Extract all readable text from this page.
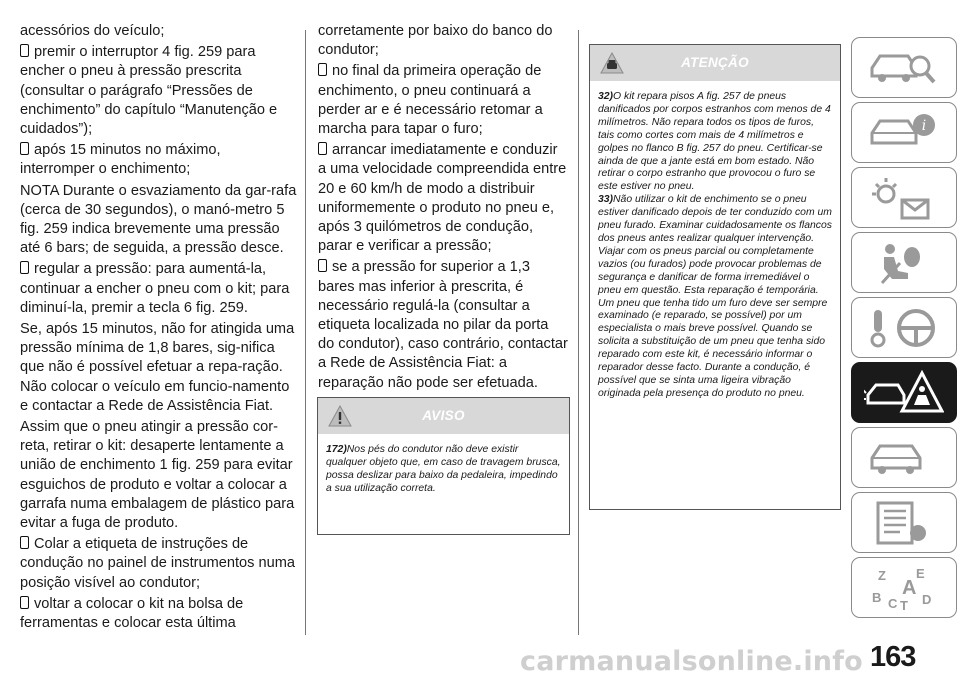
acessórios do veículo;

premir o interruptor 4 fig. 259 para encher o pneu à pressão prescrita (consultar o parágrafo “Pressões de enchimento” do capítulo “Manutenção e cuidados”);

após 15 minutos no máximo, interromper o enchimento;

NOTA Durante o esvaziamento da gar-rafa (cerca de 30 segundos), o manó-metro 5 fig. 259 indica brevemente uma pressão até 6 bars; de seguida, a pressão desce.

regular a pressão: para aumentá-la, continuar a encher o pneu com o kit; para diminuí-la, premir a tecla 6 fig. 259.

Se, após 15 minutos, não for atingida uma pressão mínima de 1,8 bares, sig-nifica que não é possível efetuar a repa-ração. Não colocar o veículo em funcio-namento e contactar a Rede de Assistência Fiat.

Assim que o pneu atingir a pressão cor-reta, retirar o kit: desaperte lentamente a união de enchimento 1 fig. 259 para evitar esguichos de produto e voltar a colocar a garrafa numa embalagem de plástico para evitar a fuga de produto.

Colar a etiqueta de instruções de condução no painel de instrumentos numa posição visível ao condutor;

voltar a colocar o kit na bolsa de ferramentas e colocar esta última

corretamente por baixo do banco do condutor;

no final da primeira operação de enchimento, o pneu continuará a perder ar e é necessário retomar a marcha para tapar o furo;

arrancar imediatamente e conduzir a uma velocidade compreendida entre 20 e 60 km/h de modo a distribuir uniformemente o produto no pneu e, após 3 quilómetros de condução, parar e verificar a pressão;

se a pressão for superior a 1,3 bares mas inferior à prescrita, é necessário regulá-la (consultar a etiqueta localizada no pilar da porta do condutor), caso contrário, contactar a Rede de Assistência Fiat: a reparação não pode ser efetuada.

AVISO

172)Nos pés do condutor não deve existir qualquer objeto que, em caso de travagem brusca, possa deslizar para baixo da pedaleira, impedindo a sua utilização correta.

ATENÇÃO

32)O kit repara pisos A fig. 257 de pneus danificados por corpos estranhos com menos de 4 milímetros. Não repara todos os tipos de furos, tais como cortes com mais de 4 milímetros e golpes no flanco B fig. 257 do pneu. Certificar-se ainda de que a jante está em bom estado. Não retirar o corpo estranho que provocou o furo se este estiver no pneu.

33)Não utilizar o kit de enchimento se o pneu estiver danificado depois de ter conduzido com um pneu furado. Examinar cuidadosamente os flancos dos pneus antes realizar qualquer intervenção. Viajar com os pneus parcial ou completamente vazios (ou furados) pode provocar problemas de segurança e danificar de forma irremediável o pneu em questão. Esta reparação é temporária. Um pneu que tenha tido um furo deve ser sempre examinado (e reparado, se possível) por um especialista o mais breve possível. Quando se solicita a substituição de um pneu que tenha sido reparado com este kit, é necessário informar o reparador desse facto. Durante a condução, é possível que se sinta uma ligeira vibração originada pela presença do produto no pneu.

i
Z E
B A
C T D
carmanualsonline.info 163
